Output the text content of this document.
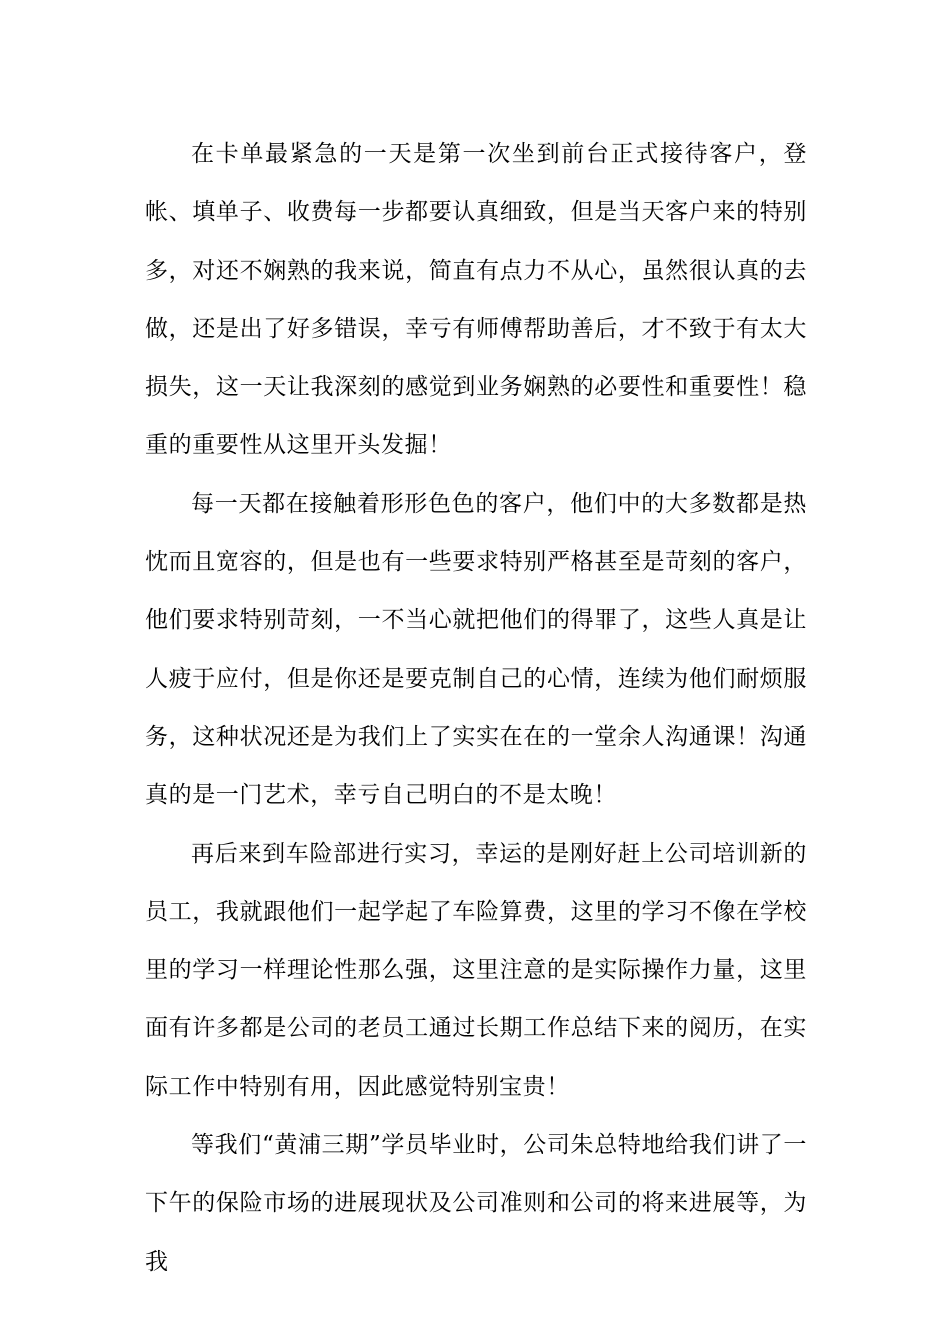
在卡单最紧急的一天是第一次坐到前台正式接待客户，登帐、填单子、收费每一步都要认真细致，但是当天客户来的特别多，对还不娴熟的我来说，简直有点力不从心，虽然很认真的去做，还是出了好多错误，幸亏有师傅帮助善后，才不致于有太大损失，这一天让我深刻的感觉到业务娴熟的必要性和重要性！稳重的重要性从这里开头发掘！

每一天都在接触着形形色色的客户，他们中的大多数都是热忱而且宽容的，但是也有一些要求特别严格甚至是苛刻的客户，他们要求特别苛刻，一不当心就把他们的得罪了，这些人真是让人疲于应付，但是你还是要克制自己的心情，连续为他们耐烦服务，这种状况还是为我们上了实实在在的一堂余人沟通课！沟通真的是一门艺术，幸亏自己明白的不是太晚！

再后来到车险部进行实习，幸运的是刚好赶上公司培训新的员工，我就跟他们一起学起了车险算费，这里的学习不像在学校里的学习一样理论性那么强，这里注意的是实际操作力量，这里面有许多都是公司的老员工通过长期工作总结下来的阅历，在实际工作中特别有用，因此感觉特别宝贵！

等我们“黄浦三期”学员毕业时，公司朱总特地给我们讲了一下午的保险市场的进展现状及公司准则和公司的将来进展等，为我
